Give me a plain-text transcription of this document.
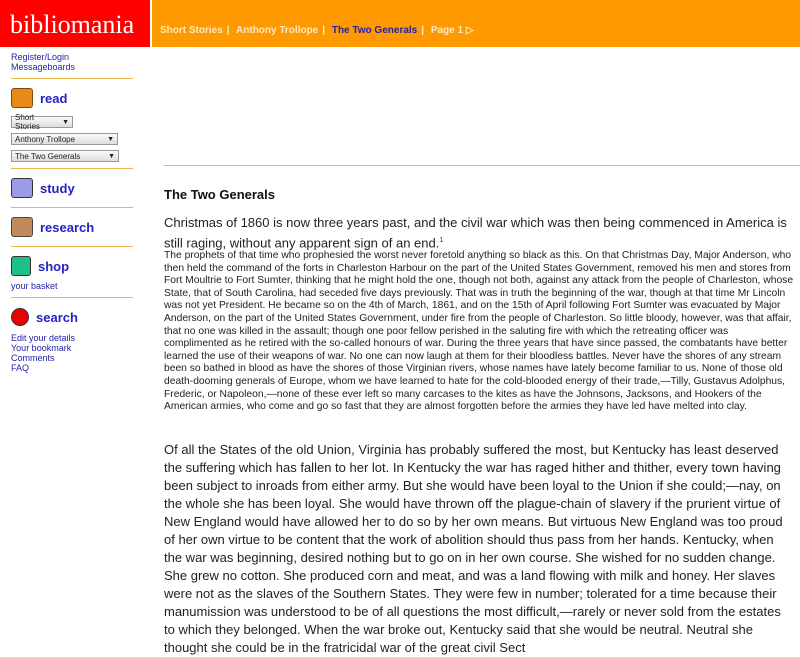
bibliomania	Short Stories | Anthony Trollope | The Two Generals | Page 1 ▷
Register/Login
Messageboards
read
Short Stories	▼
Anthony Trollope	▼
The Two Generals	▼
study
research
shop
your basket
search
Edit your details
Your bookmark
Comments
FAQ
The Two Generals
Christmas of 1860 is now three years past, and the civil war which was then being commenced in America is still raging, without any apparent sign of an end.$^1$
The prophets of that time who prophesied the worst never foretold anything so black as this. On that Christmas Day, Major Anderson, who then held the command of the forts in Charleston Harbour on the part of the United States Government, removed his men and stores from Fort Moultrie to Fort Sumter, thinking that he might hold the one, though not both, against any attack from the people of Charleston, whose State, that of South Carolina, had seceded five days previously. That was in truth the beginning of the war, though at that time Mr Lincoln was not yet President. He became so on the 4th of March, 1861, and on the 15th of April following Fort Sumter was evacuated by Major Anderson, on the part of the United States Government, under fire from the people of Charleston. So little bloody, however, was that affair, that no one was killed in the assault; though one poor fellow perished in the saluting fire with which the retreating officer was complimented as he retired with the so-called honours of war. During the three years that have since passed, the combatants have better learned the use of their weapons of war. No one can now laugh at them for their bloodless battles. Never have the shores of any stream been so bathed in blood as have the shores of those Virginian rivers, whose names have lately become familiar to us. None of those old death-dooming generals of Europe, whom we have learned to hate for the cold-blooded energy of their trade,—Tilly, Gustavus Adolphus, Frederic, or Napoleon,—none of these ever left so many carcases to the kites as have the Johnsons, Jacksons, and Hookers of the American armies, who come and go so fast that they are almost forgotten before the armies they have led have melted into clay.
Of all the States of the old Union, Virginia has probably suffered the most, but Kentucky has least deserved the suffering which has fallen to her lot. In Kentucky the war has raged hither and thither, every town having been subject to inroads from either army. But she would have been loyal to the Union if she could;—nay, on the whole she has been loyal. She would have thrown off the plague-chain of slavery if the prurient virtue of New England would have allowed her to do so by her own means. But virtuous New England was too proud of her own virtue to be content that the work of abolition should thus pass from her hands. Kentucky, when the war was beginning, desired nothing but to go on in her own course. She wished for no sudden change. She grew no cotton. She produced corn and meat, and was a land flowing with milk and honey. Her slaves were not as the slaves of the Southern States. They were few in number; tolerated for a time because their manumission was understood to be of all questions the most difficult,—rarely or never sold from the estates to which they belonged. When the war broke out, Kentucky said that she would be neutral. Neutral she thought she could be in the fratricidal war of the great civil Sect
